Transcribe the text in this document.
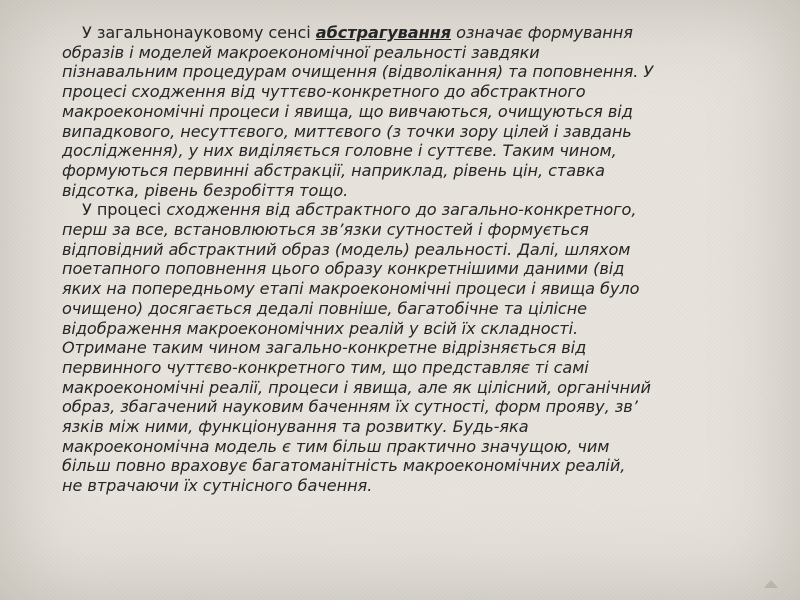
У загальнонауковому сенсі абстрагування означає формування
образів і моделей макроекономічної реальності завдяки
пізнавальним процедурам очищення (відволікання) та поповнення. У
процесі сходження від чуттєво-конкретного до абстрактного
макроекономічні процеси і явища, що вивчаються, очищуються від
випадкового, несуттєвого, миттєвого (з точки зору цілей і завдань
дослідження), у них виділяється головне і суттєве. Таким чином,
формуються первинні абстракції, наприклад, рівень цін, ставка
відсотка, рівень безробіття тощо.

У процесі сходження від абстрактного до загально-конкретного,
перш за все, встановлюються зв’язки сутностей і формується
відповідний абстрактний образ (модель) реальності. Далі, шляхом
поетапного поповнення цього образу конкретнішими даними (від
яких на попередньому етапі макроекономічні процеси і явища було
очищено) досягається дедалі повніше, багатобічне та цілісне
відображення макроекономічних реалій у всій їх складності.
Отримане таким чином загально-конкретне відрізняється від
первинного чуттєво-конкретного тим, що представляє ті самі
макроекономічні реалії, процеси і явища, але як цілісний, органічний
образ, збагачений науковим баченням їх сутності, форм прояву, зв’
язків між ними, функціонування та розвитку. Будь-яка
макроекономічна модель є тим більш практично значущою, чим
більш повно враховує багатоманітність макроекономічних реалій,
не втрачаючи їх сутнісного бачення.
